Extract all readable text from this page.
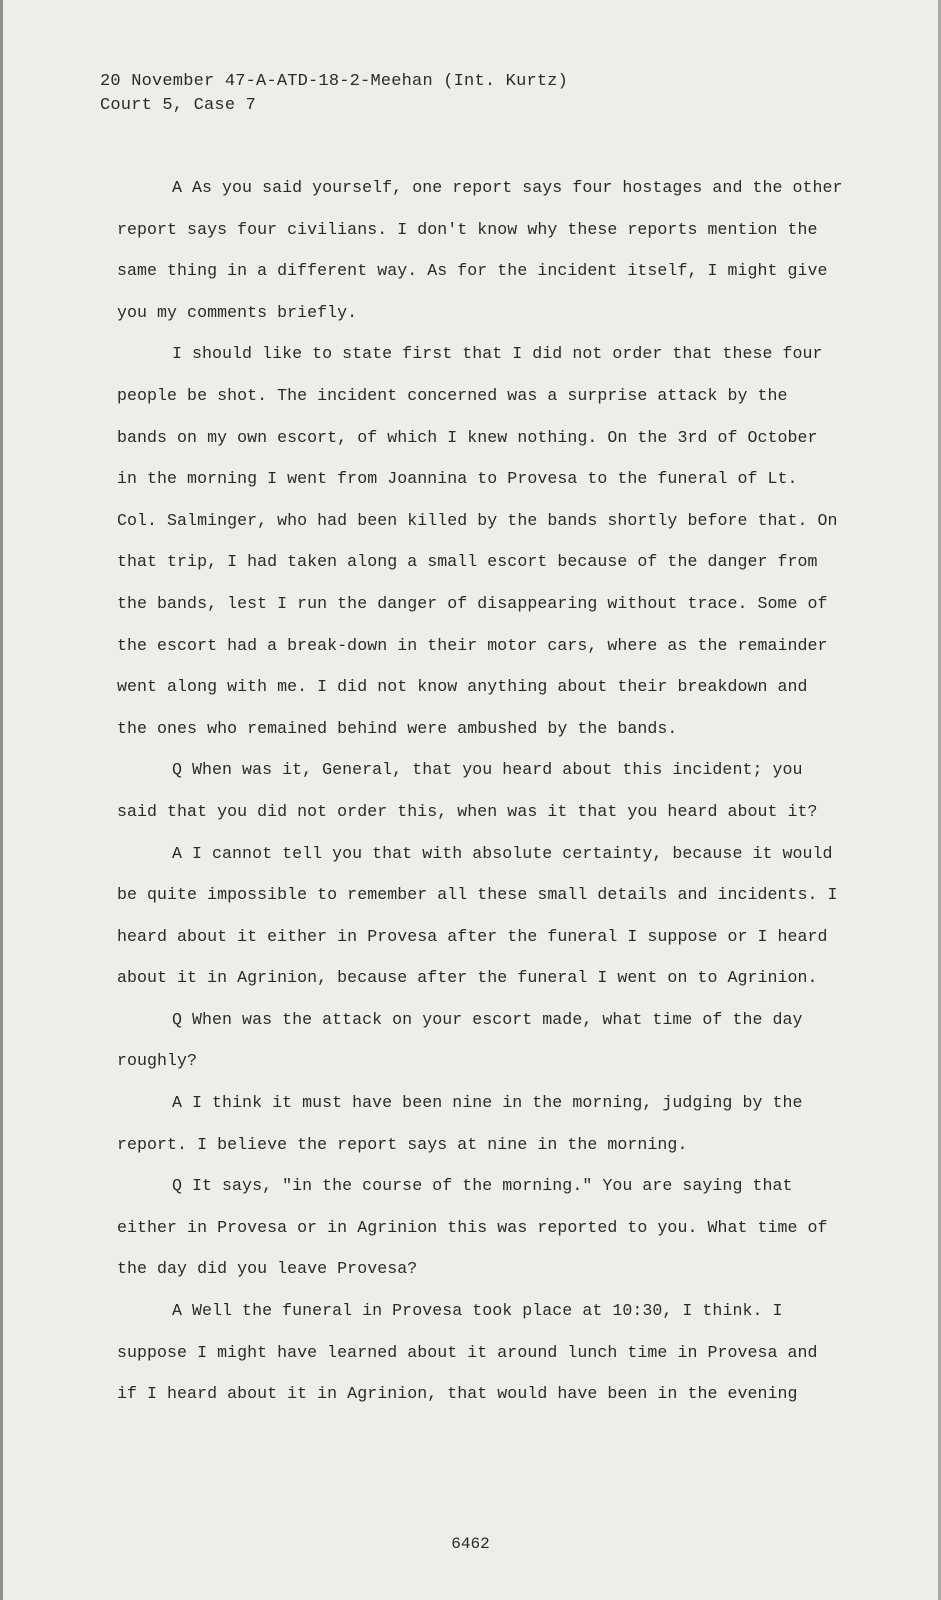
20 November 47-A-ATD-18-2-Meehan (Int. Kurtz)
Court 5, Case 7

A As you said yourself, one report says four hostages and the other report says four civilians. I don't know why these reports mention the same thing in a different way. As for the incident itself, I might give you my comments briefly.

I should like to state first that I did not order that these four people be shot. The incident concerned was a surprise attack by the bands on my own escort, of which I knew nothing. On the 3rd of October in the morning I went from Joannina to Provesa to the funeral of Lt. Col. Salminger, who had been killed by the bands shortly before that. On that trip, I had taken along a small escort because of the danger from the bands, lest I run the danger of disappearing without trace. Some of the escort had a break-down in their motor cars, where as the remainder went along with me. I did not know anything about their breakdown and the ones who remained behind were ambushed by the bands.

Q When was it, General, that you heard about this incident; you said that you did not order this, when was it that you heard about it?

A I cannot tell you that with absolute certainty, because it would be quite impossible to remember all these small details and incidents. I heard about it either in Provesa after the funeral I suppose or I heard about it in Agrinion, because after the funeral I went on to Agrinion.

Q When was the attack on your escort made, what time of the day roughly?

A I think it must have been nine in the morning, judging by the report. I believe the report says at nine in the morning.

Q It says, "in the course of the morning." You are saying that either in Provesa or in Agrinion this was reported to you. What time of the day did you leave Provesa?

A Well the funeral in Provesa took place at 10:30, I think. I suppose I might have learned about it around lunch time in Provesa and if I heard about it in Agrinion, that would have been in the evening

6462
